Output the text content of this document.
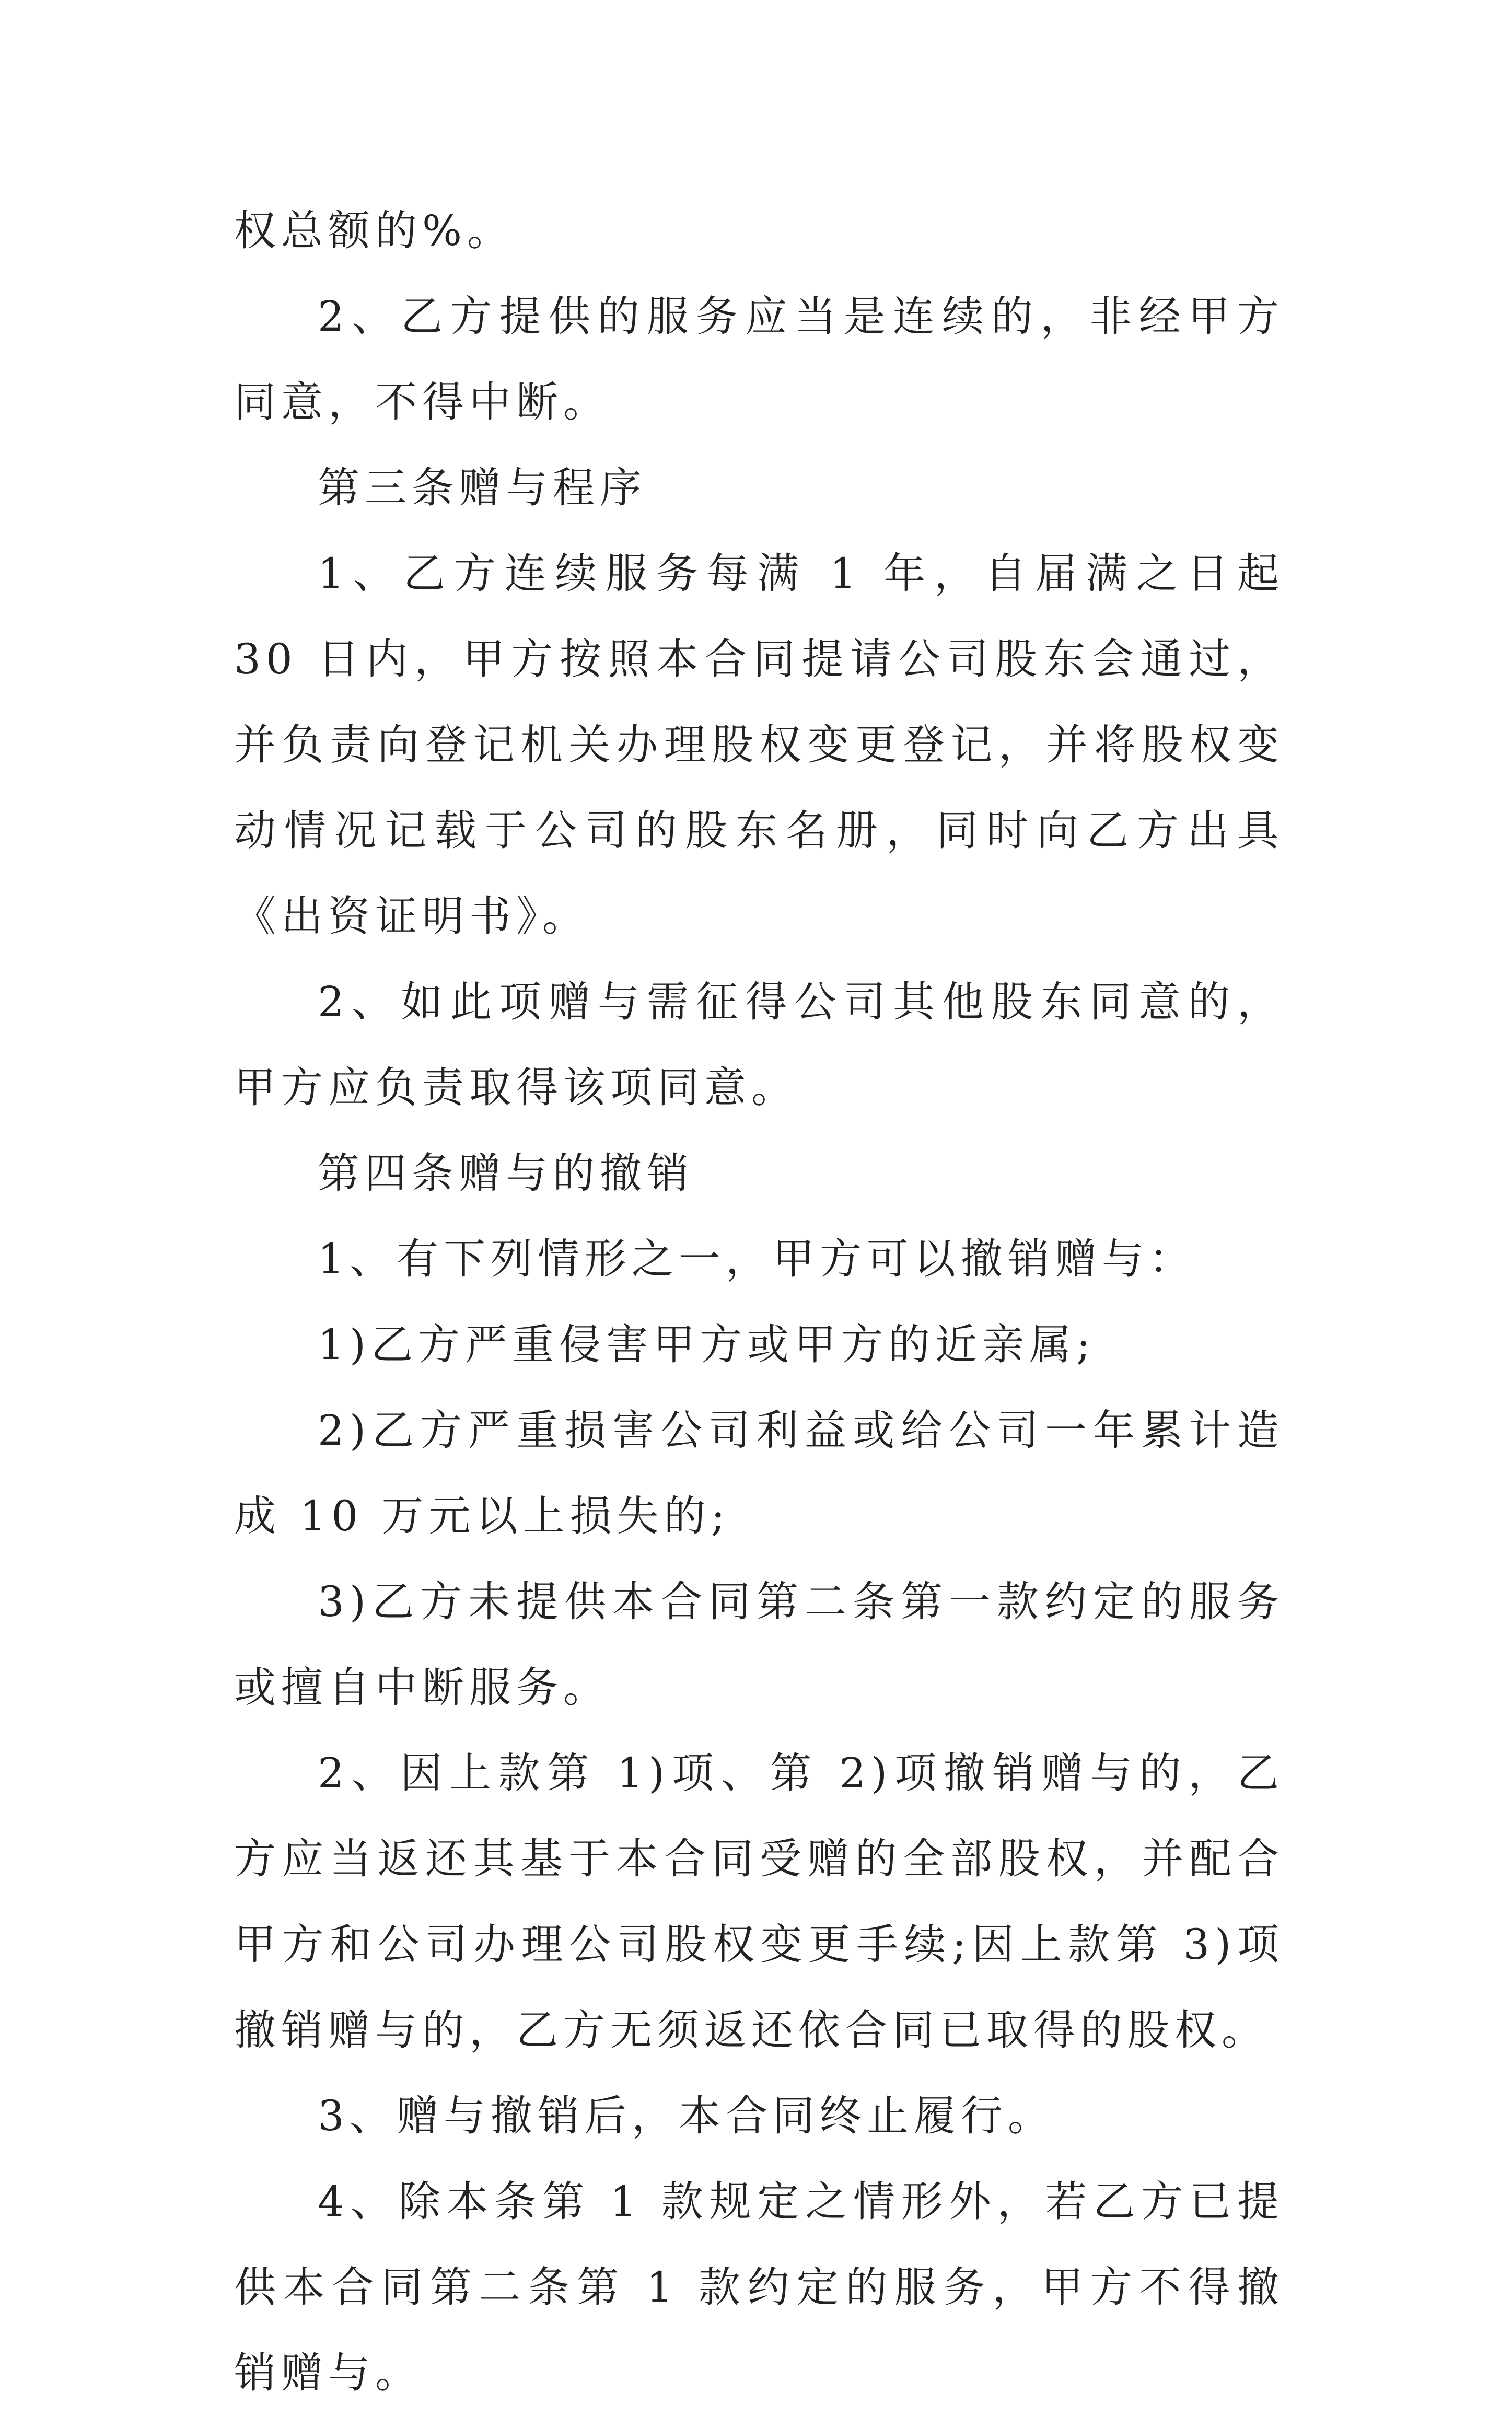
权总额的%。

2、乙方提供的服务应当是连续的，非经甲方同意，不得中断。

第三条赠与程序

1、乙方连续服务每满 1 年，自届满之日起 30 日内，甲方按照本合同提请公司股东会通过，并负责向登记机关办理股权变更登记，并将股权变动情况记载于公司的股东名册，同时向乙方出具《出资证明书》。

2、如此项赠与需征得公司其他股东同意的，甲方应负责取得该项同意。

第四条赠与的撤销

1、有下列情形之一，甲方可以撤销赠与：

1)乙方严重侵害甲方或甲方的近亲属;

2)乙方严重损害公司利益或给公司一年累计造成 10 万元以上损失的;

3)乙方未提供本合同第二条第一款约定的服务或擅自中断服务。

2、因上款第 1)项、第 2)项撤销赠与的，乙方应当返还其基于本合同受赠的全部股权，并配合甲方和公司办理公司股权变更手续;因上款第 3)项撤销赠与的，乙方无须返还依合同已取得的股权。

3、赠与撤销后，本合同终止履行。

4、除本条第 1 款规定之情形外，若乙方已提供本合同第二条第 1 款约定的服务，甲方不得撤销赠与。
